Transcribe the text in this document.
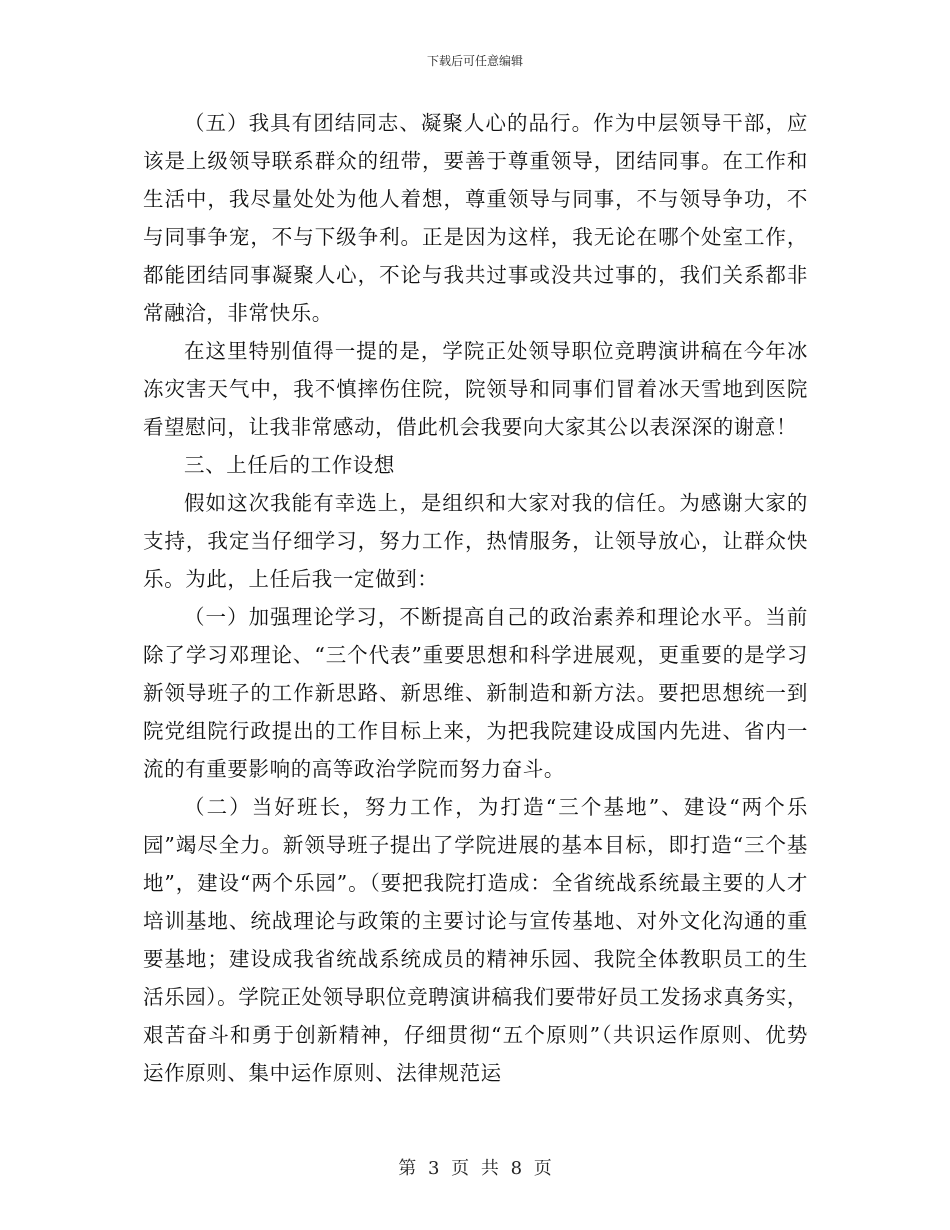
下载后可任意编辑

（五）我具有团结同志、凝聚人心的品行。作为中层领导干部，应该是上级领导联系群众的纽带，要善于尊重领导，团结同事。在工作和生活中，我尽量处处为他人着想，尊重领导与同事，不与领导争功，不与同事争宠，不与下级争利。正是因为这样，我无论在哪个处室工作，都能团结同事凝聚人心，不论与我共过事或没共过事的，我们关系都非常融洽，非常快乐。

在这里特别值得一提的是，学院正处领导职位竞聘演讲稿在今年冰冻灾害天气中，我不慎摔伤住院，院领导和同事们冒着冰天雪地到医院看望慰问，让我非常感动，借此机会我要向大家其公以表深深的谢意！

三、上任后的工作设想

假如这次我能有幸选上，是组织和大家对我的信任。为感谢大家的支持，我定当仔细学习，努力工作，热情服务，让领导放心，让群众快乐。为此，上任后我一定做到：

（一）加强理论学习，不断提高自己的政治素养和理论水平。当前除了学习邓理论、“三个代表”重要思想和科学进展观，更重要的是学习新领导班子的工作新思路、新思维、新制造和新方法。要把思想统一到院党组院行政提出的工作目标上来，为把我院建设成国内先进、省内一流的有重要影响的高等政治学院而努力奋斗。

（二）当好班长，努力工作，为打造“三个基地”、建设“两个乐园”竭尽全力。新领导班子提出了学院进展的基本目标，即打造“三个基地”，建设“两个乐园”。（要把我院打造成：全省统战系统最主要的人才培训基地、统战理论与政策的主要讨论与宣传基地、对外文化沟通的重要基地；建设成我省统战系统成员的精神乐园、我院全体教职员工的生活乐园）。学院正处领导职位竞聘演讲稿我们要带好员工发扬求真务实，艰苦奋斗和勇于创新精神，仔细贯彻“五个原则”（共识运作原则、优势运作原则、集中运作原则、法律规范运

第 3 页 共 8 页
